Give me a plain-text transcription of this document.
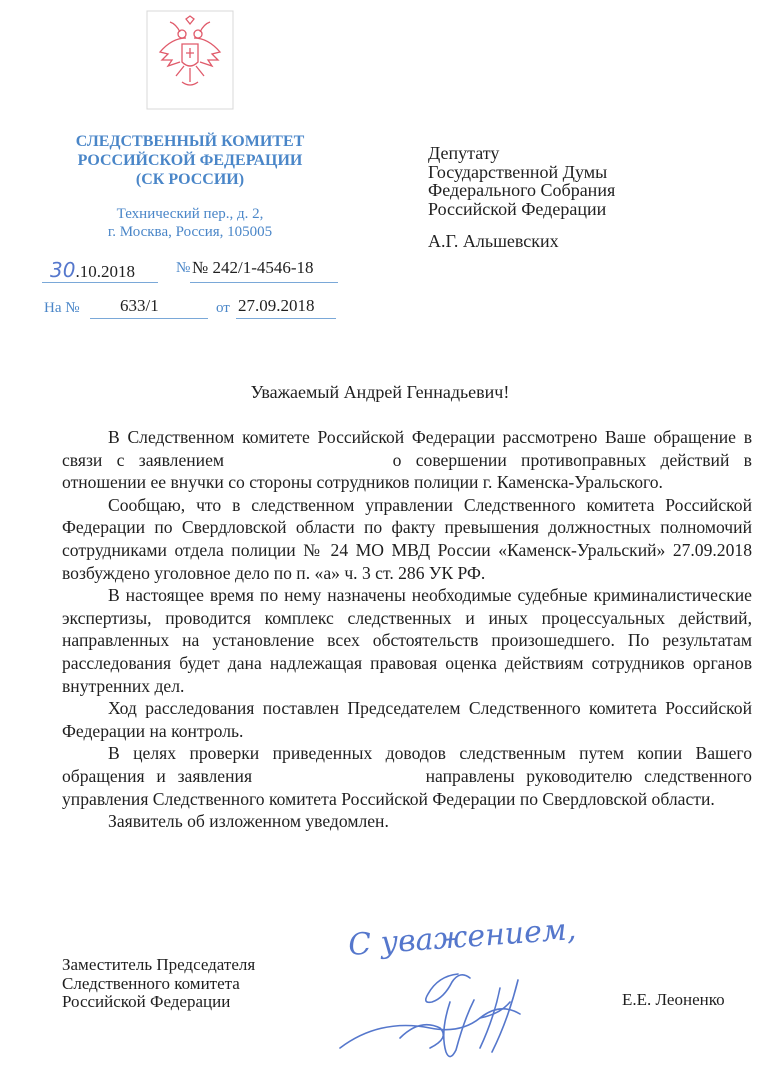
СЛЕДСТВЕННЫЙ КОМИТЕТ
РОССИЙСКОЙ ФЕДЕРАЦИИ
(СК РОССИИ)
Технический пер., д. 2,
г. Москва, Россия, 105005
30.10.2018	№ № 242/1-4546-18
На № 633/1	от 27.09.2018
Депутату
Государственной Думы
Федерального Собрания
Российской Федерации
А.Г. Альшевских
Уважаемый Андрей Геннадьевич!

В Следственном комитете Российской Федерации рассмотрено Ваше обращение в связи с заявлением	о совершении противоправных действий в отношении ее внучки со стороны сотрудников полиции г. Каменска-Уральского.

Сообщаю, что в следственном управлении Следственного комитета Российской Федерации по Свердловской области по факту превышения должностных полномочий сотрудниками отдела полиции № 24 МО МВД России «Каменск-Уральский» 27.09.2018 возбуждено уголовное дело по п. «а» ч. 3 ст. 286 УК РФ.

В настоящее время по нему назначены необходимые судебные криминалистические экспертизы, проводится комплекс следственных и иных процессуальных действий, направленных на установление всех обстоятельств произошедшего. По результатам расследования будет дана надлежащая правовая оценка действиям сотрудников органов внутренних дел.

Ход расследования поставлен Председателем Следственного комитета Российской Федерации на контроль.

В целях проверки приведенных доводов следственным путем копии Вашего обращения и заявления	направлены руководителю следственного управления Следственного комитета Российской Федерации по Свердловской области.

Заявитель об изложенном уведомлен.

Заместитель Председателя
Следственного комитета
Российской Федерации
С уважением,
Е.Е. Леоненко
